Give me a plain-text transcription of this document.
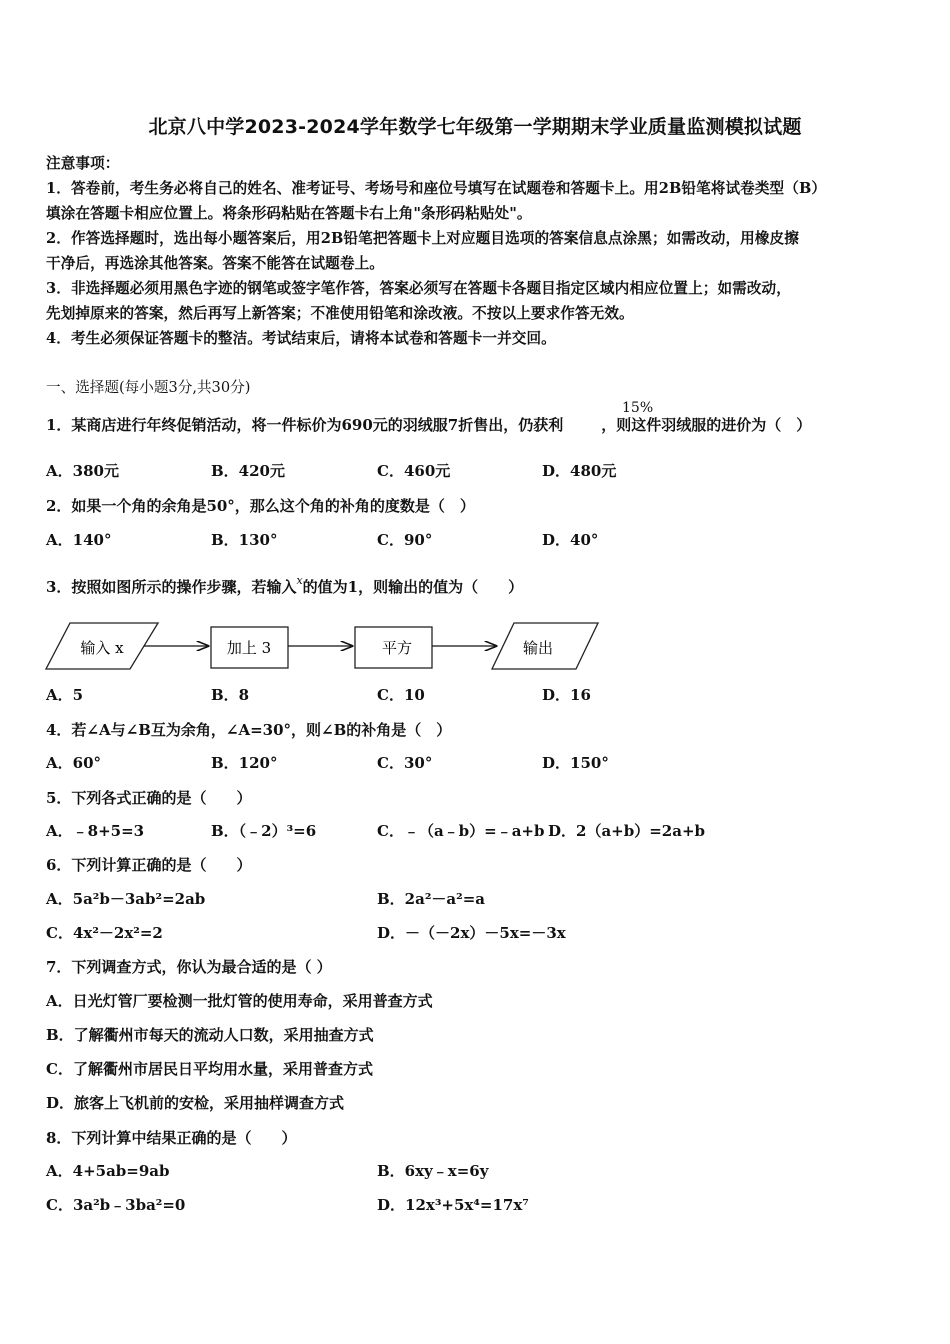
北京八中学2023-2024学年数学七年级第一学期期末学业质量监测模拟试题
注意事项：
1．答卷前，考生务必将自己的姓名、准考证号、考场号和座位号填写在试题卷和答题卡上。用2B铅笔将试卷类型（B）
填涂在答题卡相应位置上。将条形码粘贴在答题卡右上角"条形码粘贴处"。
2．作答选择题时，选出每小题答案后，用2B铅笔把答题卡上对应题目选项的答案信息点涂黑；如需改动，用橡皮擦
干净后，再选涂其他答案。答案不能答在试题卷上。
3．非选择题必须用黑色字迹的钢笔或签字笔作答，答案必须写在答题卡各题目指定区域内相应位置上；如需改动，
先划掉原来的答案，然后再写上新答案；不准使用铅笔和涂改液。不按以上要求作答无效。
4．考生必须保证答题卡的整洁。考试结束后，请将本试卷和答题卡一并交回。
一、选择题(每小题3分,共30分)
1．某商店进行年终促销活动，将一件标价为690元的羽绒服7折售出，仍获利	，则这件羽绒服的进价为（　）
15%
A．380元	B．420元	C．460元	D．480元
2．如果一个角的余角是50°，那么这个角的补角的度数是（　）
A．140°	B．130°	C．90°	D．40°
3．按照如图所示的操作步骤，若输入$^x$的值为1，则输出的值为（　　）
输入 x	加上 3	平方	输出
A．5	B．8	C．10	D．16
4．若∠A与∠B互为余角，∠A=30°，则∠B的补角是（　）
A．60°	B．120°	C．30°	D．150°
5．下列各式正确的是（　　）
A．﹣8+5=3	B．（﹣2）³=6	C．﹣（a﹣b）=﹣a+b D．2（a+b）=2a+b
6．下列计算正确的是（　　）
A．5a²b－3ab²=2ab	B．2a²－a²=a
C．4x²－2x²=2	D．－（－2x）－5x=－3x
7．下列调查方式，你认为最合适的是（ ）
A．日光灯管厂要检测一批灯管的使用寿命，采用普查方式
B．了解衢州市每天的流动人口数，采用抽查方式
C．了解衢州市居民日平均用水量，采用普查方式
D．旅客上飞机前的安检，采用抽样调查方式
8．下列计算中结果正确的是（　　）
A．4+5ab=9ab	B．6xy﹣x=6y
C．3a²b﹣3ba²=0	D．12x³+5x⁴=17x⁷
